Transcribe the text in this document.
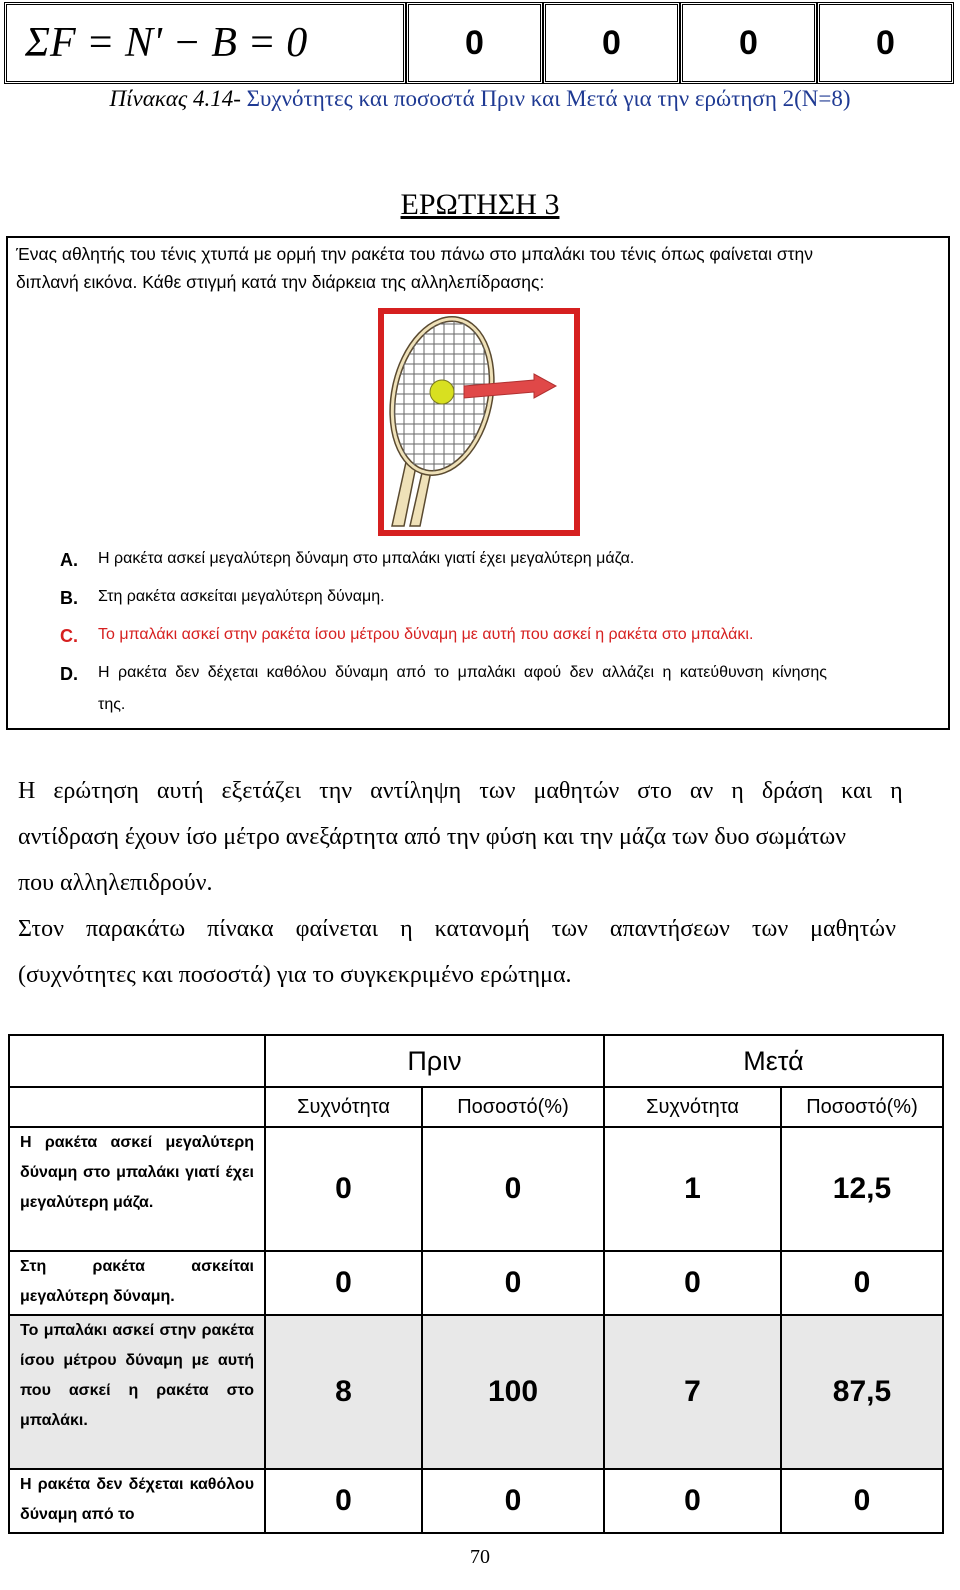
ΣF = N' − B = 0	0	0	0	0
Πίνακας 4.14- Συχνότητες και ποσοστά Πριν και Μετά για την ερώτηση 2(N=8)
ΕΡΩΤΗΣΗ 3
Ένας αθλητής του τένις χτυπά με ορμή την ρακέτα του πάνω στο μπαλάκι του τένις όπως φαίνεται στην
διπλανή εικόνα. Κάθε στιγμή κατά την διάρκεια της αλληλεπίδρασης:
A. Η ρακέτα ασκεί μεγαλύτερη δύναμη στο μπαλάκι γιατί έχει μεγαλύτερη μάζα.
B. Στη ρακέτα ασκείται μεγαλύτερη δύναμη.
C. Το μπαλάκι ασκεί στην ρακέτα ίσου μέτρου δύναμη με αυτή που ασκεί η ρακέτα στο μπαλάκι.
D. Η ρακέτα δεν δέχεται καθόλου δύναμη από το μπαλάκι αφού δεν αλλάζει η κατεύθυνση κίνησης
της.
Η ερώτηση αυτή εξετάζει την αντίληψη των μαθητών στο αν η δράση και η
αντίδραση έχουν ίσο μέτρο ανεξάρτητα από την φύση και την μάζα των δυο σωμάτων
που αλληλεπιδρούν.
Στον παρακάτω πίνακα φαίνεται η κατανομή των απαντήσεων των μαθητών
(συχνότητες και ποσοστά) για το συγκεκριμένο ερώτημα.
	Πριν		Μετά	
	Συχνότητα	Ποσοστό(%)	Συχνότητα	Ποσοστό(%)
Η ρακέτα ασκεί μεγαλύτερη δύναμη στο μπαλάκι γιατί έχει μεγαλύτερη μάζα.	0	0	1	12,5
Στη ρακέτα ασκείται μεγαλύτερη δύναμη.	0	0	0	0
Το μπαλάκι ασκεί στην ρακέτα ίσου μέτρου δύναμη με αυτή που ασκεί η ρακέτα στο μπαλάκι.	8	100	7	87,5
Η ρακέτα δεν δέχεται καθόλου δύναμη από το	0	0	0	0
70
